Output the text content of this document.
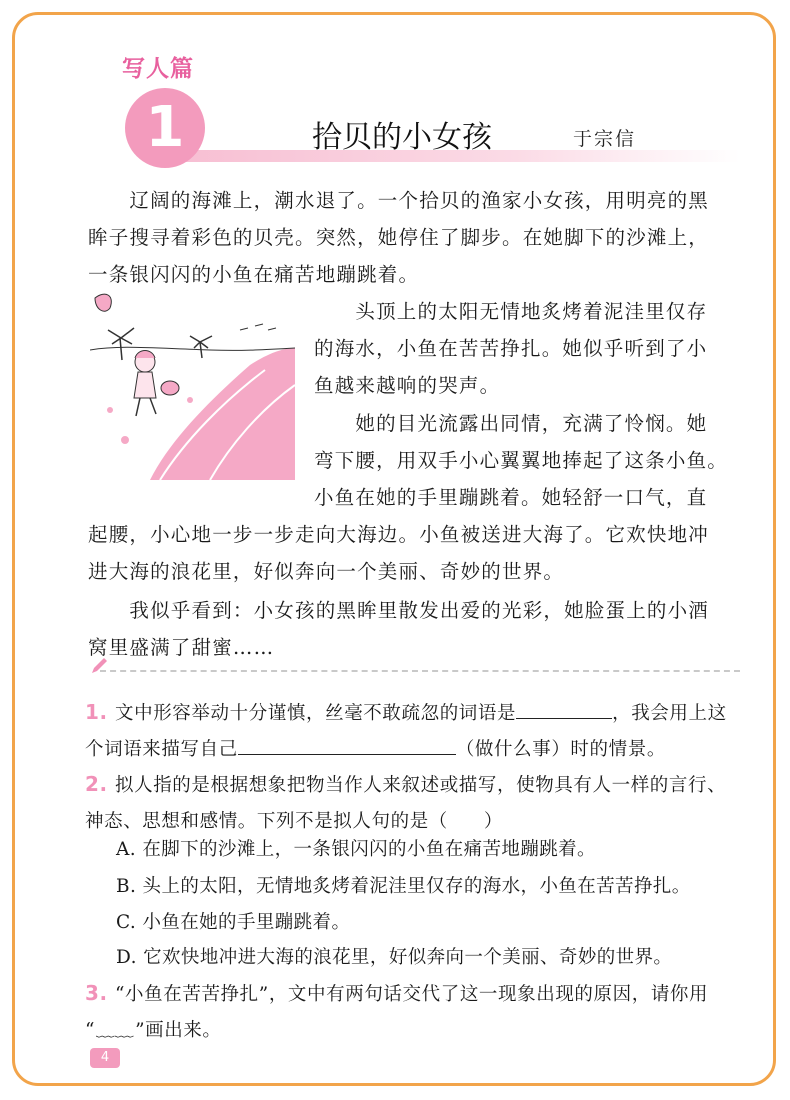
写人篇
1	拾贝的小女孩	于宗信

　　辽阔的海滩上，潮水退了。一个拾贝的渔家小女孩，用明亮的黑

眸子搜寻着彩色的贝壳。突然，她停住了脚步。在她脚下的沙滩上，

一条银闪闪的小鱼在痛苦地蹦跳着。

　　头顶上的太阳无情地炙烤着泥洼里仅存

的海水，小鱼在苦苦挣扎。她似乎听到了小

鱼越来越响的哭声。

　　她的目光流露出同情，充满了怜悯。她

弯下腰，用双手小心翼翼地捧起了这条小鱼。

小鱼在她的手里蹦跳着。她轻舒一口气，直

起腰，小心地一步一步走向大海边。小鱼被送进大海了。它欢快地冲

进大海的浪花里，好似奔向一个美丽、奇妙的世界。

　　我似乎看到：小女孩的黑眸里散发出爱的光彩，她脸蛋上的小酒

窝里盛满了甜蜜……

1. 文中形容举动十分谨慎，丝毫不敢疏忽的词语是	，我会用上这
个词语来描写自己	（做什么事）时的情景。
2. 拟人指的是根据想象把物当作人来叙述或描写，使物具有人一样的言行、
神态、思想和感情。下列不是拟人句的是（ ）
A. 在脚下的沙滩上，一条银闪闪的小鱼在痛苦地蹦跳着。
B. 头上的太阳，无情地炙烤着泥洼里仅存的海水，小鱼在苦苦挣扎。
C. 小鱼在她的手里蹦跳着。
D. 它欢快地冲进大海的浪花里，好似奔向一个美丽、奇妙的世界。
3. “小鱼在苦苦挣扎”，文中有两句话交代了这一现象出现的原因，请你用
“﹏﹏”画出来。
4
